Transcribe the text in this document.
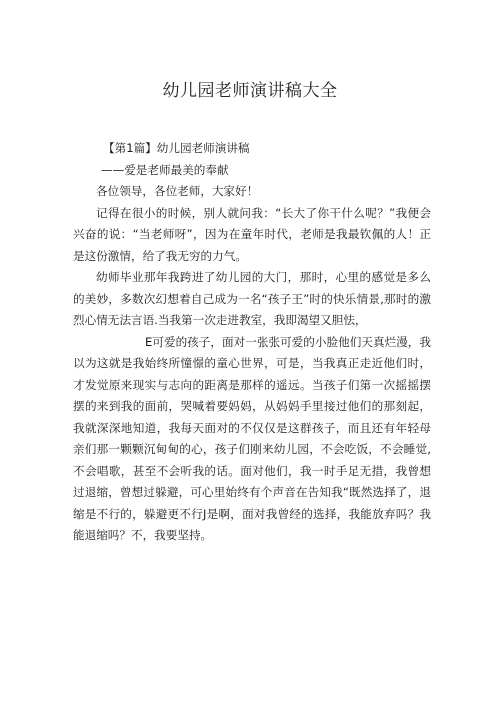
幼儿园老师演讲稿大全

【第1篇】幼儿园老师演讲稿

——爱是老师最美的奉献

各位领导，各位老师，大家好！

记得在很小的时候，别人就问我：“长大了你干什么呢？”我便会兴奋的说：“当老师呀”，因为在童年时代，老师是我最钦佩的人！正是这份激情，给了我无穷的力气。

幼师毕业那年我跨进了幼儿园的大门，那时，心里的感觉是多么的美妙，多数次幻想着自己成为一名“孩子王”时的快乐情景,那时的激烈心情无法言语.当我第一次走进教室，我即渴望又胆怯，

E可爱的孩子，面对一张张可爱的小脸他们天真烂漫，我以为这就是我始终所憧憬的童心世界，可是，当我真正走近他们时，才发觉原来现实与志向的距离是那样的遥远。当孩子们第一次摇摇摆摆的来到我的面前，哭喊着要妈妈，从妈妈手里接过他们的那刻起，我就深深地知道，我每天面对的不仅仅是这群孩子，而且还有年轻母亲们那一颗颗沉甸甸的心，孩子们刚来幼儿园，不会吃饭，不会睡觉,不会唱歌，甚至不会听我的话。面对他们，我一时手足无措，我曾想过退缩，曾想过躲避，可心里始终有个声音在告知我“既然选择了，退缩是不行的，躲避更不行J是啊，面对我曾经的选择，我能放弃吗？我能退缩吗？不，我要坚持。
